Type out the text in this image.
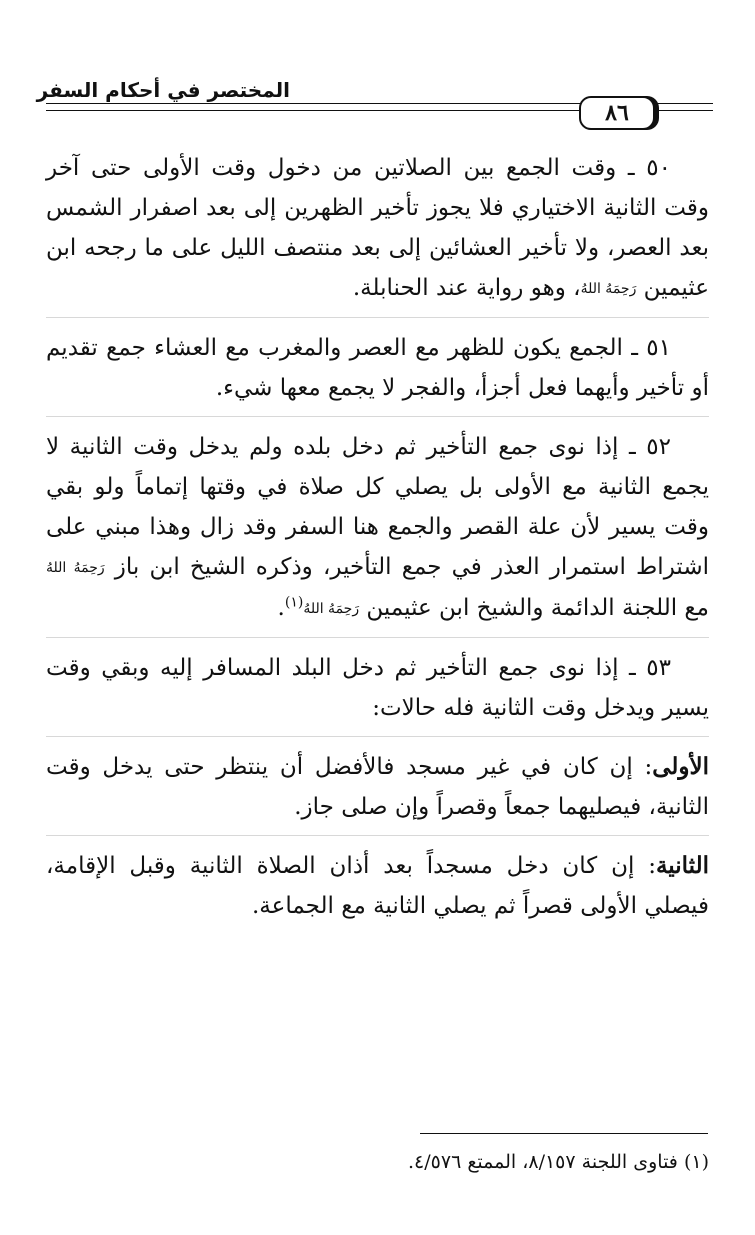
المختصر في أحكام السفر
٨٦

٥٠ ـ وقت الجمع بين الصلاتين من دخول وقت الأولى حتى آخر وقت الثانية الاختياري فلا يجوز تأخير الظهرين إلى بعد اصفرار الشمس بعد العصر، ولا تأخير العشائين إلى بعد منتصف الليل على ما رجحه ابن عثيمين رَحِمَهُ اللهُ، وهو رواية عند الحنابلة.

٥١ ـ الجمع يكون للظهر مع العصر والمغرب مع العشاء جمع تقديم أو تأخير وأيهما فعل أجزأ، والفجر لا يجمع معها شيء.

٥٢ ـ إذا نوى جمع التأخير ثم دخل بلده ولم يدخل وقت الثانية لا يجمع الثانية مع الأولى بل يصلي كل صلاة في وقتها إتماماً ولو بقي وقت يسير لأن علة القصر والجمع هنا السفر وقد زال وهذا مبني على اشتراط استمرار العذر في جمع التأخير، وذكره الشيخ ابن باز رَحِمَهُ اللهُ مع اللجنة الدائمة والشيخ ابن عثيمين رَحِمَهُ اللهُ$^{(١)}$.

٥٣ ـ إذا نوى جمع التأخير ثم دخل البلد المسافر إليه وبقي وقت يسير ويدخل وقت الثانية فله حالات:

الأولى: إن كان في غير مسجد فالأفضل أن ينتظر حتى يدخل وقت الثانية، فيصليهما جمعاً وقصراً وإن صلى جاز.

الثانية: إن كان دخل مسجداً بعد أذان الصلاة الثانية وقبل الإقامة، فيصلي الأولى قصراً ثم يصلي الثانية مع الجماعة.

(١) فتاوى اللجنة ٨/١٥٧، الممتع ٤/٥٧٦.
